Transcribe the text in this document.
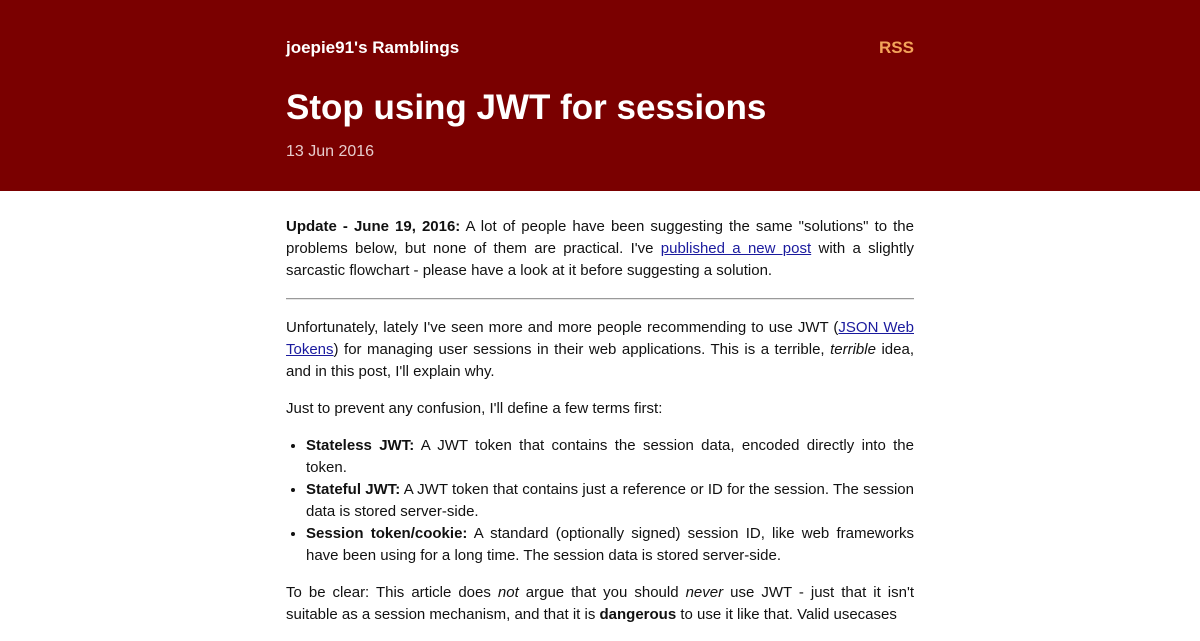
joepie91's Ramblings	RSS
Stop using JWT for sessions
13 Jun 2016

Update - June 19, 2016: A lot of people have been suggesting the same "solutions" to the problems below, but none of them are practical. I've published a new post with a slightly sarcastic flowchart - please have a look at it before suggesting a solution.

Unfortunately, lately I've seen more and more people recommending to use JWT (JSON Web Tokens) for managing user sessions in their web applications. This is a terrible, terrible idea, and in this post, I'll explain why.

Just to prevent any confusion, I'll define a few terms first:

• Stateless JWT: A JWT token that contains the session data, encoded directly into the token.
• Stateful JWT: A JWT token that contains just a reference or ID for the session. The session data is stored server-side.
• Session token/cookie: A standard (optionally signed) session ID, like web frameworks have been using for a long time. The session data is stored server-side.

To be clear: This article does not argue that you should never use JWT - just that it isn't suitable as a session mechanism, and that it is dangerous to use it like that. Valid usecases
